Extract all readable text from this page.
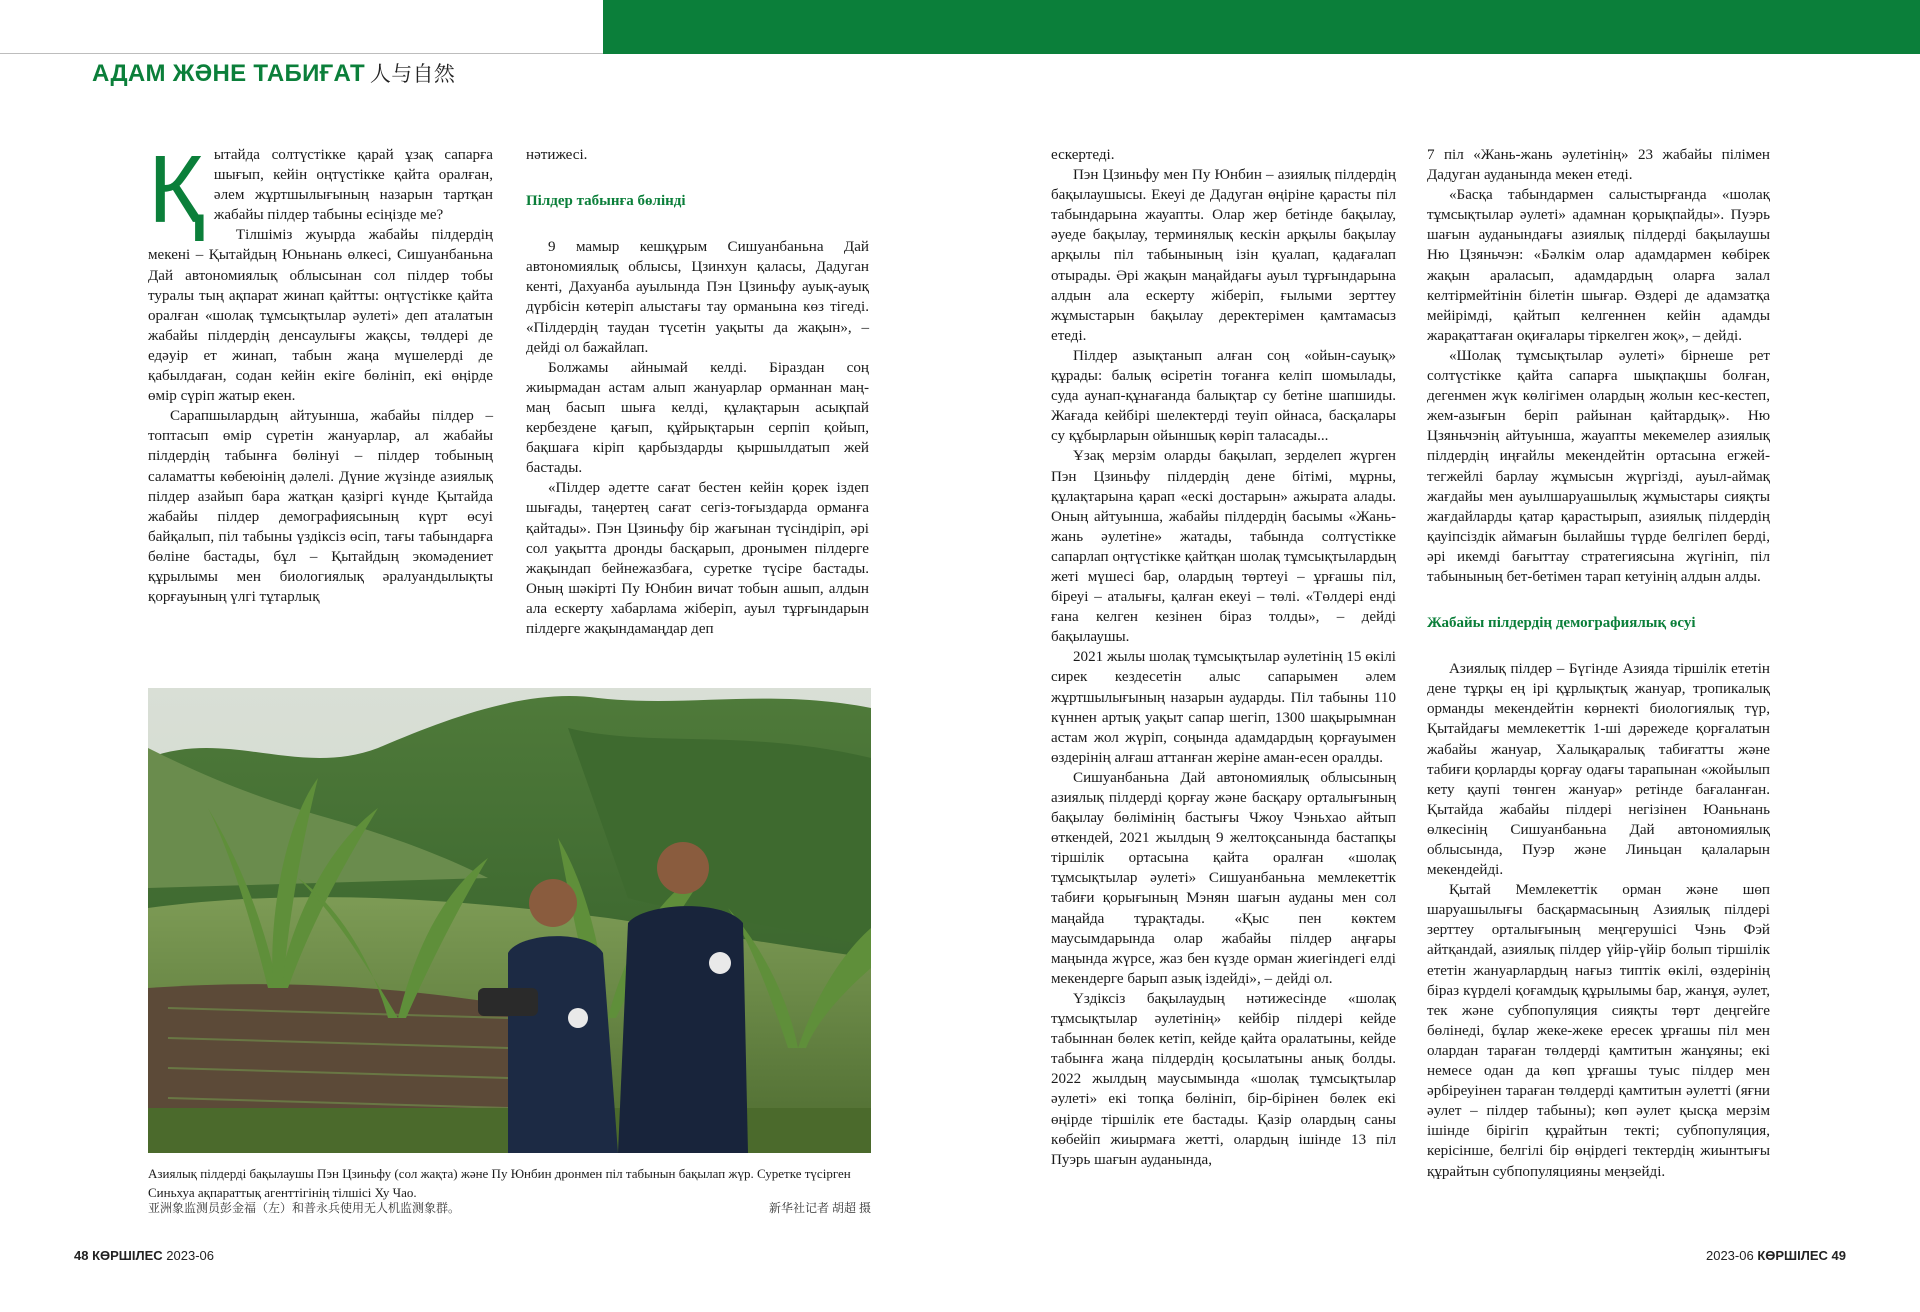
АДАМ ЖӘНЕ ТАБИҒАТ 人与自然
Қ ытайда солтүстікке қарай ұзақ сапарға шығып, кейін оңтүстікке қайта оралған, әлем жұртшылығының назарын тартқан жабайы пілдер табыны есіңізде ме?

Тілшіміз жуырда жабайы пілдердің мекені – Қытайдың Юньнань өлкесі, Сишуанбаньна Дай автономиялық облысынан сол пілдер тобы туралы тың ақпарат жинап қайтты: оңтүстікке қайта оралған «шолақ тұмсықтылар әулеті» деп аталатын жабайы пілдердің денсаулығы жақсы, төлдері де едәуір ет жинап, табын жаңа мүшелерді де қабылдаған, содан кейін екіге бөлініп, екі өңірде өмір сүріп жатыр екен.

Сарапшылардың айтуынша, жабайы пілдер – топтасып өмір сүретін жануарлар, ал жабайы пілдердің табынға бөлінуі – пілдер тобының саламатты көбеюінің дәлелі. Дүние жүзінде азиялық пілдер азайып бара жатқан қазіргі күнде Қытайда жабайы пілдер демографиясының күрт өсуі байқалып, піл табыны үздіксіз өсіп, тағы табындарға бөліне бастады, бұл – Қытайдың экомәдениет құрылымы мен биологиялық әралуандылықты қорғауының үлгі тұтарлық

нәтижесі.

Пілдер табынға бөлінді

9 мамыр кешқұрым Сишуанбаньна Дай автономиялық облысы, Цзинхун қаласы, Дадуган кенті, Дахуанба ауылында Пэн Цзиньфу ауық-ауық дүрбісін көтеріп алыстағы тау орманына көз тігеді. «Пілдердің таудан түсетін уақыты да жақын», – дейді ол бажайлап.

Болжамы айнымай келді. Біраздан соң жиырмадан астам алып жануарлар орманнан маң-маң басып шыға келді, құлақтарын асықпай кербездене қағып, құйрықтарын серпіп қойып, бақшаға кіріп қарбыздарды қыршылдатып жей бастады.

«Пілдер әдетте сағат бестен кейін қорек іздеп шығады, таңертең сағат сегіз-тоғыздарда орманға қайтады». Пэн Цзиньфу бір жағынан түсіндіріп, әрі сол уақытта дронды басқарып, дронымен пілдерге жақындап бейнежазбаға, суретке түсіре бастады. Оның шәкірті Пу Юнбин вичат тобын ашып, алдын ала ескерту хабарлама жіберіп, ауыл тұрғындарын пілдерге жақындамаңдар деп

Азиялық пілдерді бақылаушы Пэн Цзиньфу (сол жақта) және Пу Юнбин дронмен піл табынын бақылап жүр. Суретке түсірген Синьхуа ақпараттық агенттігінің тілшісі Ху Чао.
亚洲象监测员彭金福（左）和普永兵使用无人机监测象群。	新华社记者 胡超 摄

ескертеді.

Пэн Цзиньфу мен Пу Юнбин – азиялық пілдердің бақылаушысы. Екеуі де Дадуган өңіріне қарасты піл табындарына жауапты. Олар жер бетінде бақылау, әуеде бақылау, терминялық кескін арқылы бақылау арқылы піл табынының ізін қуалап, қадағалап отырады. Әрі жақын маңайдағы ауыл тұрғындарына алдын ала ескерту жіберіп, ғылыми зерттеу жұмыстарын бақылау деректерімен қамтамасыз етеді.

Пілдер азықтанып алған соң «ойын-сауық» құрады: балық өсіретін тоғанға келіп шомылады, суда аунап-құнағанда балықтар су бетіне шапшиды. Жағада кейбірі шелектерді теуіп ойнаса, басқалары су құбырларын ойыншық көріп таласады...

Ұзақ мерзім оларды бақылап, зерделеп жүрген Пэн Цзиньфу пілдердің дене бітімі, мұрны, құлақтарына қарап «ескі достарын» ажырата алады. Оның айтуынша, жабайы пілдердің басымы «Жань-жань әулетіне» жатады, табында солтүстікке сапарлап оңтүстікке қайтқан шолақ тұмсықтылардың жеті мүшесі бар, олардың төртеуі – ұрғашы піл, біреуі – аталығы, қалған екеуі – төлі. «Төлдері енді ғана келген кезінен біраз толды», – дейді бақылаушы.

2021 жылы шолақ тұмсықтылар әулетінің 15 өкілі сирек кездесетін алыс сапарымен әлем жұртшылығының назарын аударды. Піл табыны 110 күннен артық уақыт сапар шегіп, 1300 шақырымнан астам жол жүріп, соңында адамдардың қорғауымен өздерінің алғаш аттанған жеріне аман-есен оралды.

Сишуанбаньна Дай автономиялық облысының азиялық пілдерді қорғау және басқару орталығының бақылау бөлімінің бастығы Чжоу Чэньхао айтып өткендей, 2021 жылдың 9 желтоқсанында бастапқы тіршілік ортасына қайта оралған «шолақ тұмсықтылар әулеті» Сишуанбаньна мемлекеттік табиғи қорығының Мэнян шағын ауданы мен сол маңайда тұрақтады. «Қыс пен көктем маусымдарында олар жабайы пілдер аңғары маңында жүрсе, жаз бен күзде орман жиегіндегі елді мекендерге барып азық іздейді», – дейді ол.

Үздіксіз бақылаудың нәтижесінде «шолақ тұмсықтылар әулетінің» кейбір пілдері кейде табыннан бөлек кетіп, кейде қайта оралатыны, кейде табынға жаңа пілдердің қосылатыны анық болды. 2022 жылдың маусымында «шолақ тұмсықтылар әулеті» екі топқа бөлініп, бір-бірінен бөлек екі өңірде тіршілік ете бастады. Қазір олардың саны көбейіп жиырмаға жетті, олардың ішінде 13 піл Пуэрь шағын ауданында,

7 піл «Жань-жань әулетінің» 23 жабайы пілімен Дадуган ауданында мекен етеді.

«Басқа табындармен салыстырғанда «шолақ тұмсықтылар әулеті» адамнан қорықпайды». Пуэрь шағын ауданындағы азиялық пілдерді бақылаушы Ню Цзяньчэн: «Бәлкім олар адамдармен көбірек жақын араласып, адамдардың оларға залал келтірмейтінін білетін шығар. Өздері де адамзатқа мейірімді, қайтып келгеннен кейін адамды жарақаттаған оқиғалары тіркелген жоқ», – дейді.

«Шолақ тұмсықтылар әулеті» бірнеше рет солтүстікке қайта сапарға шықпақшы болған, дегенмен жүк көлігімен олардың жолын кес-кестеп, жем-азығын беріп райынан қайтардық». Ню Цзяньчэнің айтуынша, жауапты мекемелер азиялық пілдердің иңғайлы мекендейтін ортасына егжей-тегжейлі барлау жұмысын жүргізді, ауыл-аймақ жағдайы мен ауылшаруашылық жұмыстары сияқты жағдайларды қатар қарастырып, азиялық пілдердің қауіпсіздік аймағын былайшы түрде белгілеп берді, әрі икемді бағыттау стратегиясына жүгініп, піл табынының бет-бетімен тарап кетуінің алдын алды.

Жабайы пілдердің демографиялық өсуі

Азиялық пілдер – Бүгінде Азияда тіршілік ететін дене тұрқы ең ірі құрлықтық жануар, тропикалық орманды мекендейтін көрнекті биологиялық түр, Қытайдағы мемлекеттік 1-ші дәрежеде қорғалатын жабайы жануар, Халықаралық табиғатты және табиғи қорларды қорғау одағы тарапынан «жойылып кету қаупі төнген жануар» ретінде бағаланған. Қытайда жабайы пілдері негізінен Юаньнань өлкесінің Сишуанбаньна Дай автономиялық облысында, Пуэр және Линьцан қалаларын мекендейді.

Қытай Мемлекеттік орман және шөп шаруашылығы басқармасының Азиялық пілдері зерттеу орталығының меңгерушісі Чэнь Фэй айтқандай, азиялық пілдер үйір-үйір болып тіршілік ететін жануарлардың нағыз типтік өкілі, өздерінің біраз күрделі қоғамдық құрылымы бар, жанұя, әулет, тек және субпопуляция сияқты төрт деңгейге бөлінеді, бұлар жеке-жеке ересек ұрғашы піл мен олардан тараған төлдерді қамтитын жанұяны; екі немесе одан да көп ұрғашы туыс пілдер мен әрбіреуінен тараған төлдерді қамтитын әулетті (яғни әулет – пілдер табыны); көп әулет қысқа мерзім ішінде бірігіп құрайтын текті; субпопуляция, керісінше, белгілі бір өңірдегі тектердің жиынтығы құрайтын субпопуляцияны меңзейді.

48 КӨРШІЛЕС 2023-06	2023-06 КӨРШІЛЕС 49
